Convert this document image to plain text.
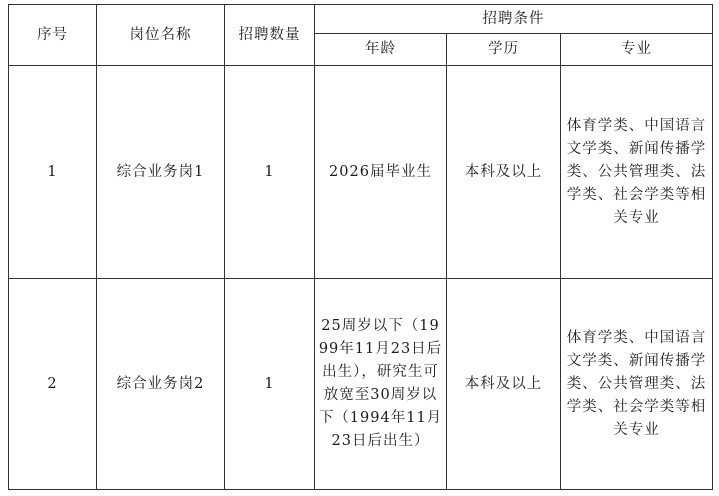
序号	岗位名称	招聘数量	招聘条件		
			年龄	学历	专业
1	综合业务岗1	1	2026届毕业生	本科及以上	体育学类、中国语言文学类、新闻传播学类、公共管理类、法学类、社会学类等相关专业
2	综合业务岗2	1	25周岁以下（1999年11月23日后出生），研究生可放宽至30周岁以下（1994年11月23日后出生）	本科及以上	体育学类、中国语言文学类、新闻传播学类、公共管理类、法学类、社会学类等相关专业
